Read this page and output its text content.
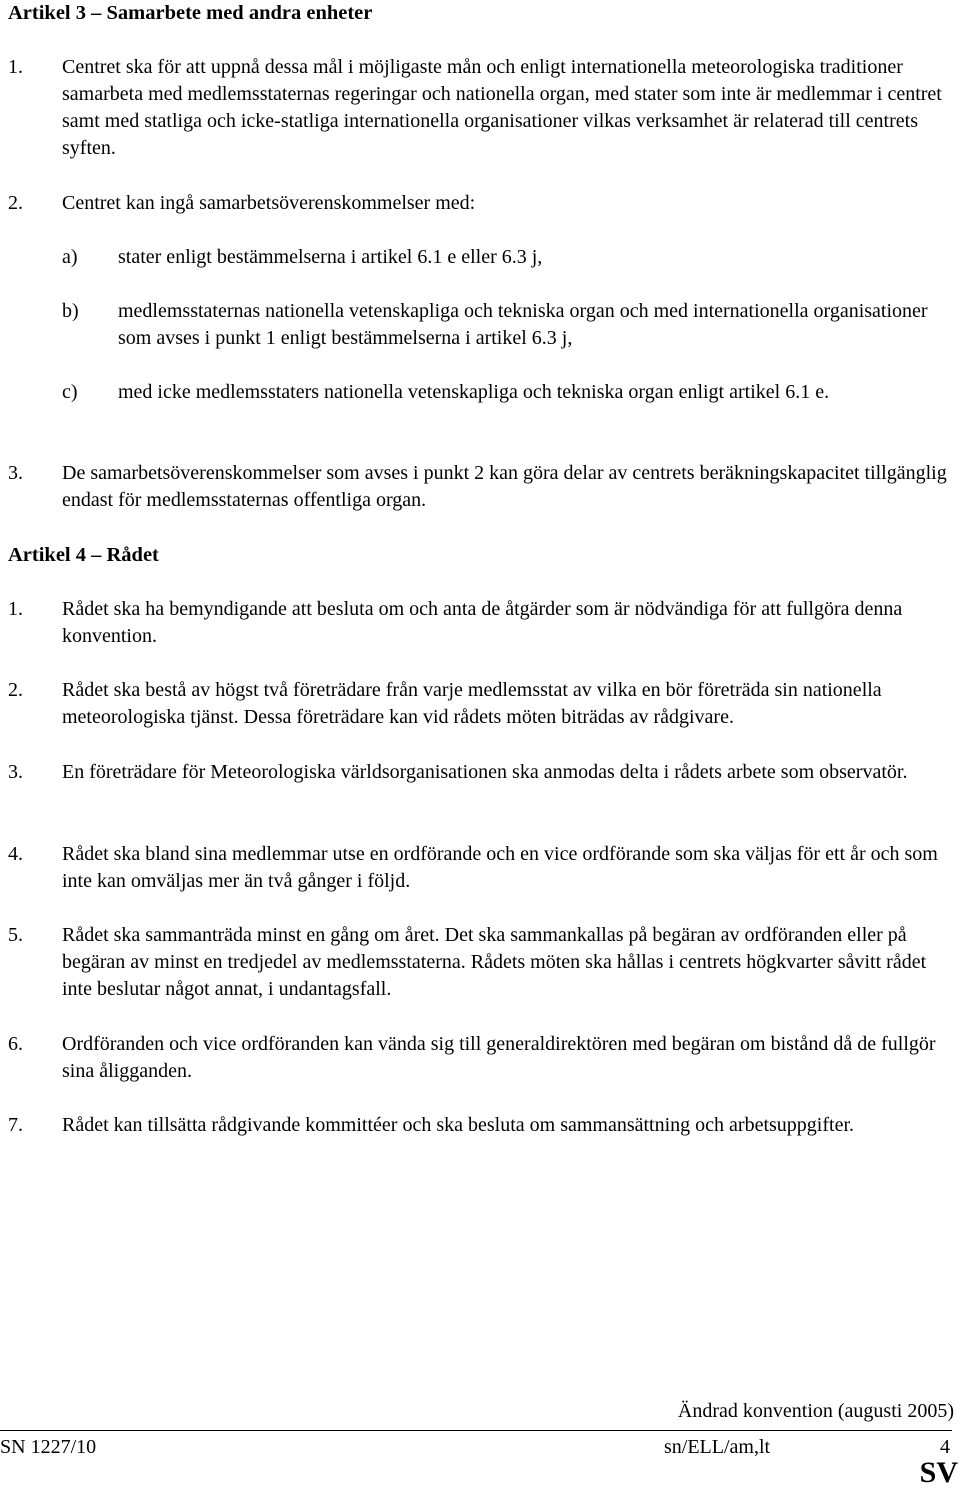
Artikel 3 – Samarbete med andra enheter
1. Centret ska för att uppnå dessa mål i möjligaste mån och enligt internationella meteorologiska traditioner samarbeta med medlemsstaternas regeringar och nationella organ, med stater som inte är medlemmar i centret samt med statliga och icke-statliga internationella organisationer vilkas verksamhet är relaterad till centrets syften.
2. Centret kan ingå samarbetsöverenskommelser med:
a) stater enligt bestämmelserna i artikel 6.1 e eller 6.3 j,
b) medlemsstaternas nationella vetenskapliga och tekniska organ och med internationella organisationer som avses i punkt 1 enligt bestämmelserna i artikel 6.3 j,
c) med icke medlemsstaters nationella vetenskapliga och tekniska organ enligt artikel 6.1 e.
3. De samarbetsöverenskommelser som avses i punkt 2 kan göra delar av centrets beräkningskapacitet tillgänglig endast för medlemsstaternas offentliga organ.
Artikel 4 – Rådet
1. Rådet ska ha bemyndigande att besluta om och anta de åtgärder som är nödvändiga för att fullgöra denna konvention.
2. Rådet ska bestå av högst två företrädare från varje medlemsstat av vilka en bör företräda sin nationella meteorologiska tjänst. Dessa företrädare kan vid rådets möten biträdas av rådgivare.
3. En företrädare för Meteorologiska världsorganisationen ska anmodas delta i rådets arbete som observatör.
4. Rådet ska bland sina medlemmar utse en ordförande och en vice ordförande som ska väljas för ett år och som inte kan omväljas mer än två gånger i följd.
5. Rådet ska sammanträda minst en gång om året. Det ska sammankallas på begäran av ordföranden eller på begäran av minst en tredjedel av medlemsstaterna. Rådets möten ska hållas i centrets högkvarter såvitt rådet inte beslutar något annat, i undantagsfall.
6. Ordföranden och vice ordföranden kan vända sig till generaldirektören med begäran om bistånd då de fullgör sina åligganden.
7. Rådet kan tillsätta rådgivande kommittéer och ska besluta om sammansättning och arbetsuppgifter.
Ändrad konvention (augusti 2005)
SN 1227/10	sn/ELL/am,lt	4
SV
